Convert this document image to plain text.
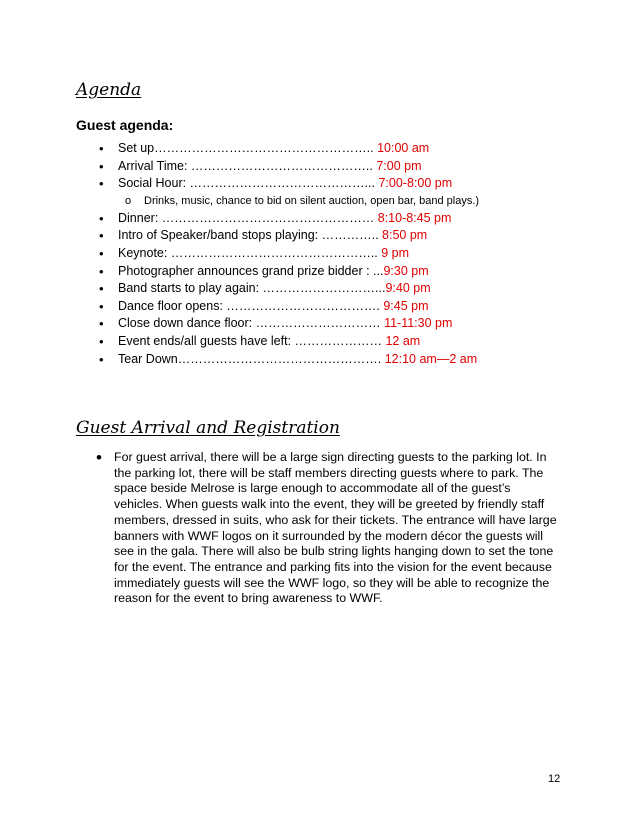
Agenda
Guest agenda:
• Set up…………………………………………….. 10:00 am
• Arrival Time: …………………………………….. 7:00 pm
• Social Hour: ……………………………………... 7:00-8:00 pm
o Drinks, music, chance to bid on silent auction, open bar, band plays.)
• Dinner: …………………………………………… 8:10-8:45 pm
• Intro of Speaker/band stops playing: ………….. 8:50 pm
• Keynote: ………………………………………….. 9 pm
• Photographer announces grand prize bidder : ...9:30 pm
• Band starts to play again: ………………………...9:40 pm
• Dance floor opens: ………………………………. 9:45 pm
• Close down dance floor: ………………………… 11-11:30 pm
• Event ends/all guests have left: ………………… 12 am
• Tear Down…………………………………………. 12:10 am—2 am
Guest Arrival and Registration
• For guest arrival, there will be a large sign directing guests to the parking lot. In the parking lot, there will be staff members directing guests where to park. The space beside Melrose is large enough to accommodate all of the guest’s vehicles. When guests walk into the event, they will be greeted by friendly staff members, dressed in suits, who ask for their tickets. The entrance will have large banners with WWF logos on it surrounded by the modern décor the guests will see in the gala. There will also be bulb string lights hanging down to set the tone for the event. The entrance and parking fits into the vision for the event because immediately guests will see the WWF logo, so they will be able to recognize the reason for the event to bring awareness to WWF.

12
